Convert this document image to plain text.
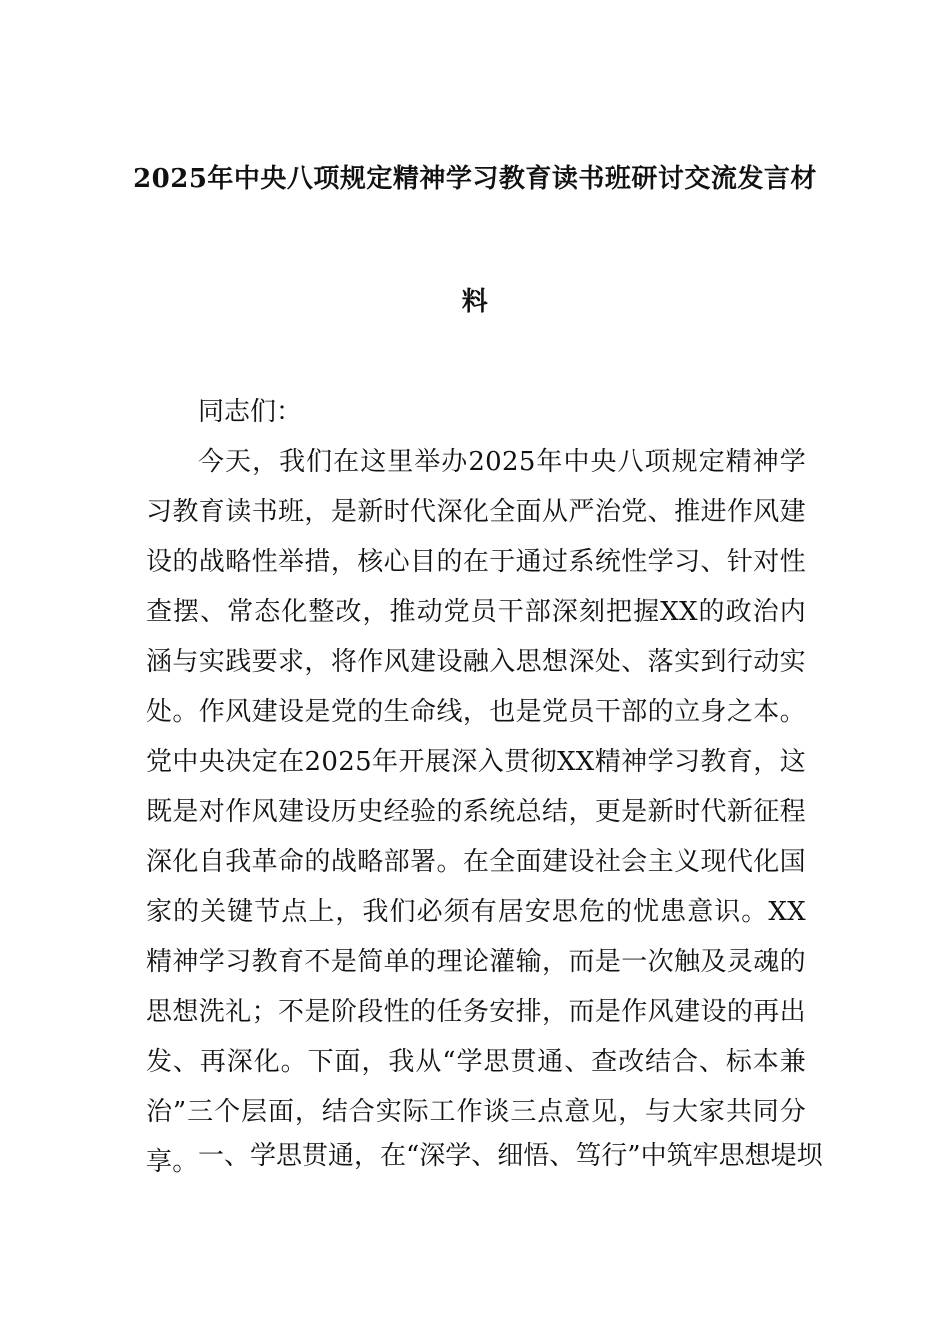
2025年中央八项规定精神学习教育读书班研讨交流发言材
料
同志们：
今天，我们在这里举办2025年中央八项规定精神学习教育读书班，是新时代深化全面从严治党、推进作风建设的战略性举措，核心目的在于通过系统性学习、针对性查摆、常态化整改，推动党员干部深刻把握XX的政治内涵与实践要求，将作风建设融入思想深处、落实到行动实处。作风建设是党的生命线，也是党员干部的立身之本。党中央决定在2025年开展深入贯彻XX精神学习教育，这既是对作风建设历史经验的系统总结，更是新时代新征程深化自我革命的战略部署。在全面建设社会主义现代化国家的关键节点上，我们必须有居安思危的忧患意识。XX精神学习教育不是简单的理论灌输，而是一次触及灵魂的思想洗礼；不是阶段性的任务安排，而是作风建设的再出发、再深化。下面，我从“学思贯通、查改结合、标本兼治”三个层面，结合实际工作谈三点意见，与大家共同分享。 一、学思贯通，在“深学、细悟、笃行”中筑牢思想堤坝
